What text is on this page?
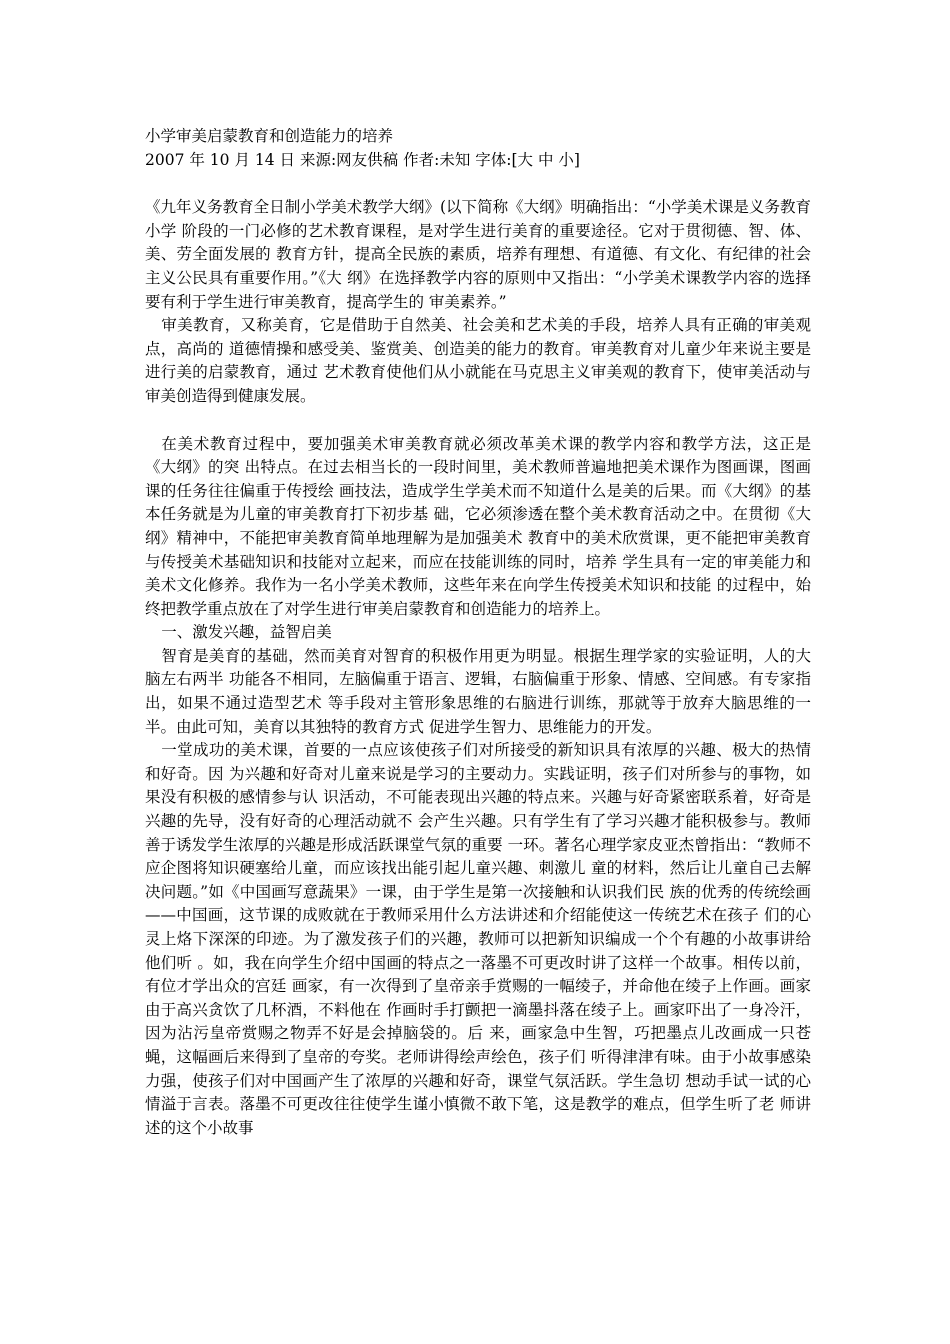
小学审美启蒙教育和创造能力的培养

2007 年 10 月 14 日 来源:网友供稿 作者:未知 字体:[大 中 小]

《九年义务教育全日制小学美术教学大纲》(以下简称《大纲》明确指出：“小学美术课是义务教育小学 阶段的一门必修的艺术教育课程，是对学生进行美育的重要途径。它对于贯彻德、智、体、美、劳全面发展的 教育方针，提高全民族的素质，培养有理想、有道德、有文化、有纪律的社会主义公民具有重要作用。”《大 纲》在选择教学内容的原则中又指出：“小学美术课教学内容的选择要有利于学生进行审美教育，提高学生的 审美素养。”

审美教育，又称美育，它是借助于自然美、社会美和艺术美的手段，培养人具有正确的审美观点，高尚的 道德情操和感受美、鉴赏美、创造美的能力的教育。审美教育对儿童少年来说主要是进行美的启蒙教育，通过 艺术教育使他们从小就能在马克思主义审美观的教育下，使审美活动与审美创造得到健康发展。

在美术教育过程中，要加强美术审美教育就必须改革美术课的教学内容和教学方法，这正是《大纲》的突 出特点。在过去相当长的一段时间里，美术教师普遍地把美术课作为图画课，图画课的任务往往偏重于传授绘 画技法，造成学生学美术而不知道什么是美的后果。而《大纲》的基本任务就是为儿童的审美教育打下初步基 础，它必须渗透在整个美术教育活动之中。在贯彻《大纲》精神中，不能把审美教育简单地理解为是加强美术 教育中的美术欣赏课，更不能把审美教育与传授美术基础知识和技能对立起来，而应在技能训练的同时，培养 学生具有一定的审美能力和美术文化修养。我作为一名小学美术教师，这些年来在向学生传授美术知识和技能 的过程中，始终把教学重点放在了对学生进行审美启蒙教育和创造能力的培养上。

一、激发兴趣，益智启美

智育是美育的基础，然而美育对智育的积极作用更为明显。根据生理学家的实验证明，人的大脑左右两半 功能各不相同，左脑偏重于语言、逻辑，右脑偏重于形象、情感、空间感。有专家指出，如果不通过造型艺术 等手段对主管形象思维的右脑进行训练，那就等于放弃大脑思维的一半。由此可知，美育以其独特的教育方式 促进学生智力、思维能力的开发。

一堂成功的美术课，首要的一点应该使孩子们对所接受的新知识具有浓厚的兴趣、极大的热情和好奇。因 为兴趣和好奇对儿童来说是学习的主要动力。实践证明，孩子们对所参与的事物，如果没有积极的感情参与认 识活动，不可能表现出兴趣的特点来。兴趣与好奇紧密联系着，好奇是兴趣的先导，没有好奇的心理活动就不 会产生兴趣。只有学生有了学习兴趣才能积极参与。教师善于诱发学生浓厚的兴趣是形成活跃课堂气氛的重要 一环。著名心理学家皮亚杰曾指出：“教师不应企图将知识硬塞给儿童，而应该找出能引起儿童兴趣、刺激儿 童的材料，然后让儿童自己去解决问题。”如《中国画写意蔬果》一课，由于学生是第一次接触和认识我们民 族的优秀的传统绘画——中国画，这节课的成败就在于教师采用什么方法讲述和介绍能使这一传统艺术在孩子 们的心灵上烙下深深的印迹。为了激发孩子们的兴趣，教师可以把新知识编成一个个有趣的小故事讲给他们听 。如，我在向学生介绍中国画的特点之一落墨不可更改时讲了这样一个故事。相传以前，有位才学出众的宫廷 画家，有一次得到了皇帝亲手赏赐的一幅绫子，并命他在绫子上作画。画家由于高兴贪饮了几杯酒，不料他在 作画时手打颤把一滴墨抖落在绫子上。画家吓出了一身冷汗，因为沾污皇帝赏赐之物弄不好是会掉脑袋的。后 来，画家急中生智，巧把墨点儿改画成一只苍蝇，这幅画后来得到了皇帝的夸奖。老师讲得绘声绘色，孩子们 听得津津有味。由于小故事感染力强，使孩子们对中国画产生了浓厚的兴趣和好奇，课堂气氛活跃。学生急切 想动手试一试的心情溢于言表。落墨不可更改往往使学生谨小慎微不敢下笔，这是教学的难点，但学生听了老 师讲述的这个小故事
